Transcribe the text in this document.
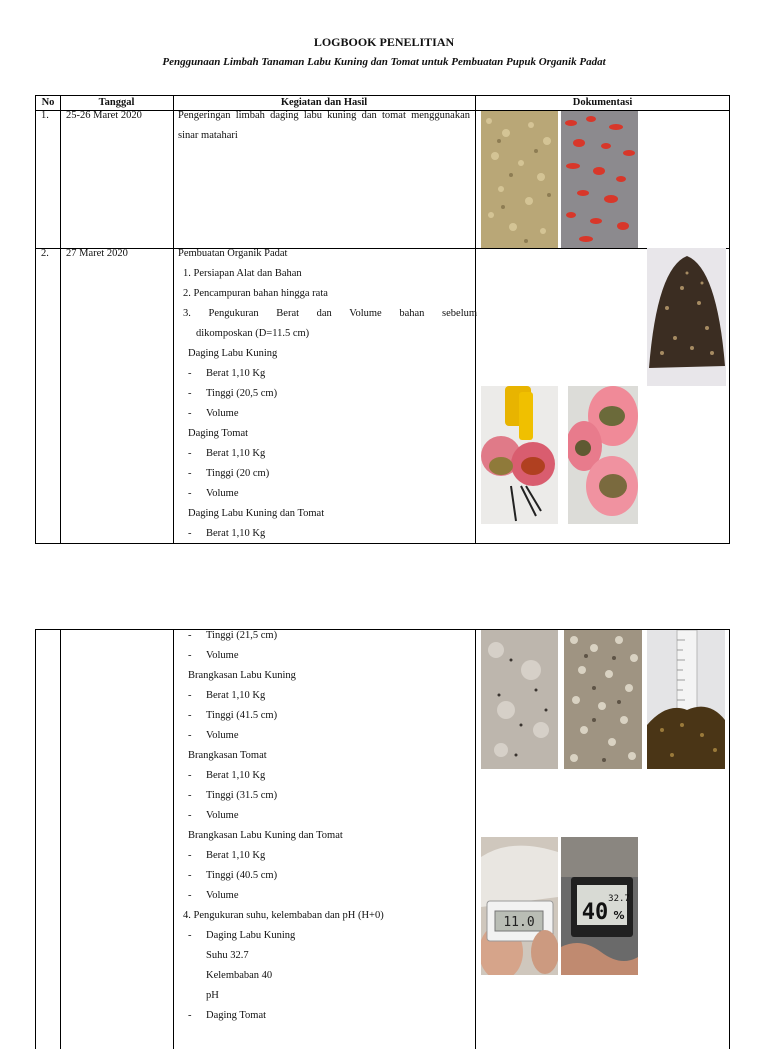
LOGBOOK PENELITIAN
Penggunaan Limbah Tanaman Labu Kuning dan Tomat untuk Pembuatan Pupuk Organik Padat
No	Tanggal	Kegiatan dan Hasil	Dokumentasi
1. 25-26 Maret 2020	Pengeringan limbah daging labu kuning dan tomat menggunakan sinar matahari
2. 27 Maret 2020	Pembuatan Organik Padat
1. Persiapan Alat dan Bahan
2. Pencampuran bahan hingga rata
3. Pengukuran Berat dan Volume bahan sebelum
dikomposkan (D=11.5 cm)
Daging Labu Kuning
- Berat 1,10 Kg
- Tinggi (20,5 cm)
- Volume
Daging Tomat
- Berat 1,10 Kg
- Tinggi (20 cm)
- Volume
Daging Labu Kuning dan Tomat
- Berat 1,10 Kg
- Tinggi (21,5 cm)
- Volume
Brangkasan Labu Kuning
- Berat 1,10 Kg
- Tinggi (41.5 cm)
- Volume
Brangkasan Tomat
- Berat 1,10 Kg
- Tinggi (31.5 cm)
- Volume
Brangkasan Labu Kuning dan Tomat
- Berat 1,10 Kg
- Tinggi (40.5 cm)
- Volume
4. Pengukuran suhu, kelembaban dan pH (H+0)
- Daging Labu Kuning
Suhu 32.7
Kelembaban 40
pH
- Daging Tomat
11.0 40
32.7
%
